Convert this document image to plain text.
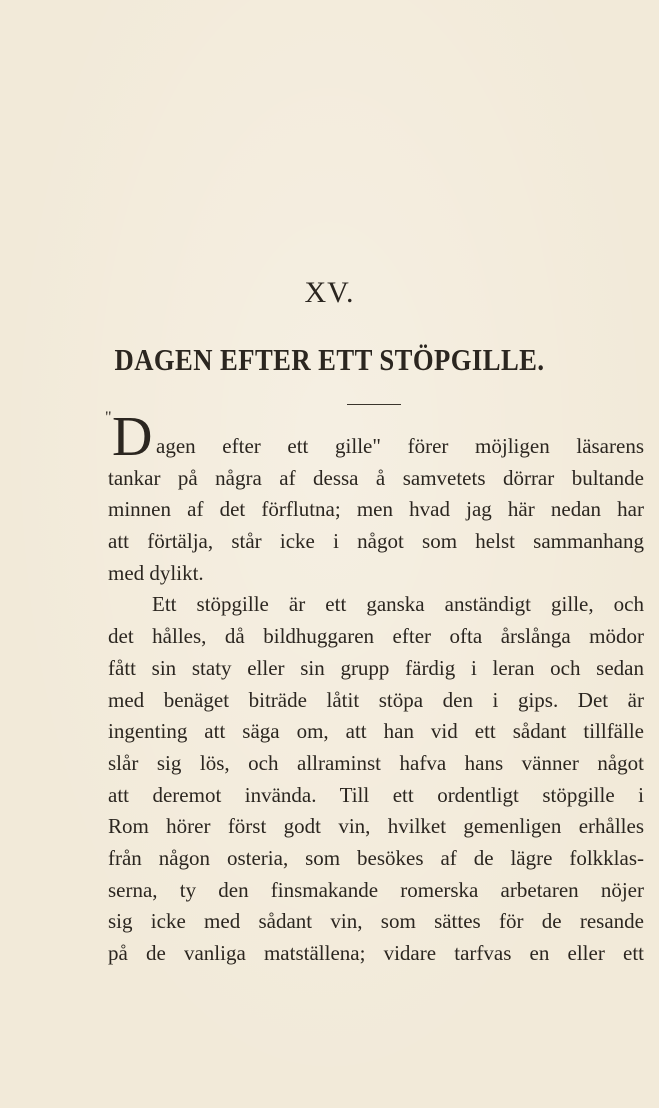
XV.
DAGEN EFTER ETT STÖPGILLE.
" D agen efter ett gille" förer möjligen läsarens
tankar på några af dessa å samvetets dörrar bultande
minnen af det förflutna; men hvad jag här nedan har
att förtälja, står icke i något som helst sammanhang
med dylikt.
Ett stöpgille är ett ganska anständigt gille, och
det hålles, då bildhuggaren efter ofta årslånga mödor
fått sin staty eller sin grupp färdig i leran och sedan
med benäget biträde låtit stöpa den i gips. Det är
ingenting att säga om, att han vid ett sådant tillfälle
slår sig lös, och allraminst hafva hans vänner något
att deremot invända. Till ett ordentligt stöpgille i
Rom hörer först godt vin, hvilket gemenligen erhålles
från någon osteria, som besökes af de lägre folkklas-
serna, ty den finsmakande romerska arbetaren nöjer
sig icke med sådant vin, som sättes för de resande
på de vanliga matställena; vidare tarfvas en eller ett
